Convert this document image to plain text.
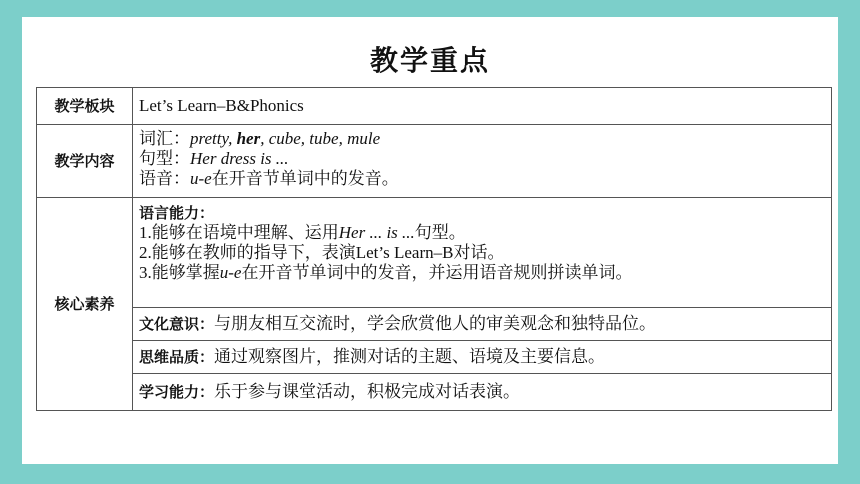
教学重点
教学板块	Let’s Learn–B&Phonics
教学内容	词汇：pretty, her, cube, tube, mule
句型：Her dress is ...
语音：u-e在开音节单词中的发音。

核心素养	语言能力：
1.能够在语境中理解、运用Her ... is ...句型。
2.能够在教师的指导下，表演Let’s Learn–B对话。
3.能够掌握u-e在开音节单词中的发音，并运用语音规则拼读单词。

	文化意识：与朋友相互交流时，学会欣赏他人的审美观念和独特品位。
	思维品质：通过观察图片，推测对话的主题、语境及主要信息。
	学习能力：乐于参与课堂活动，积极完成对话表演。
